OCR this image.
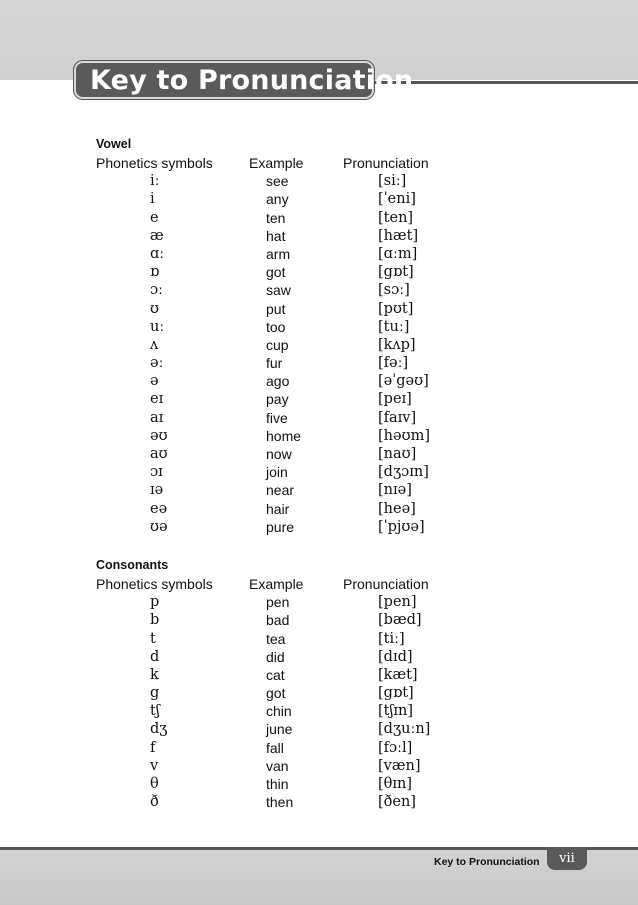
Key to Pronunciation
Vowel
Phonetics symbols	Example	Pronunciation
iː	see	[siː]
i	any	[ˈeni]
e	ten	[ten]
æ	hat	[hæt]
ɑː	arm	[ɑːm]
ɒ	got	[gɒt]
ɔː	saw	[sɔː]
ʊ	put	[pʊt]
uː	too	[tuː]
ʌ	cup	[kʌp]
əː	fur	[fəː]
ə	ago	[əˈgəʊ]
eɪ	pay	[peɪ]
aɪ	five	[faɪv]
əʊ	home	[həʊm]
aʊ	now	[naʊ]
ɔɪ	join	[dʒɔɪn]
ɪə	near	[nɪə]
eə	hair	[heə]
ʊə	pure	[ˈpjʊə]
Consonants
Phonetics symbols	Example	Pronunciation
p	pen	[pen]
b	bad	[bæd]
t	tea	[tiː]
d	did	[dɪd]
k	cat	[kæt]
g	got	[gɒt]
tʃ	chin	[tʃɪn]
dʒ	june	[dʒuːn]
f	fall	[fɔːl]
v	van	[væn]
θ	thin	[θɪn]
ð	then	[ðen]
Key to Pronunciation vii
